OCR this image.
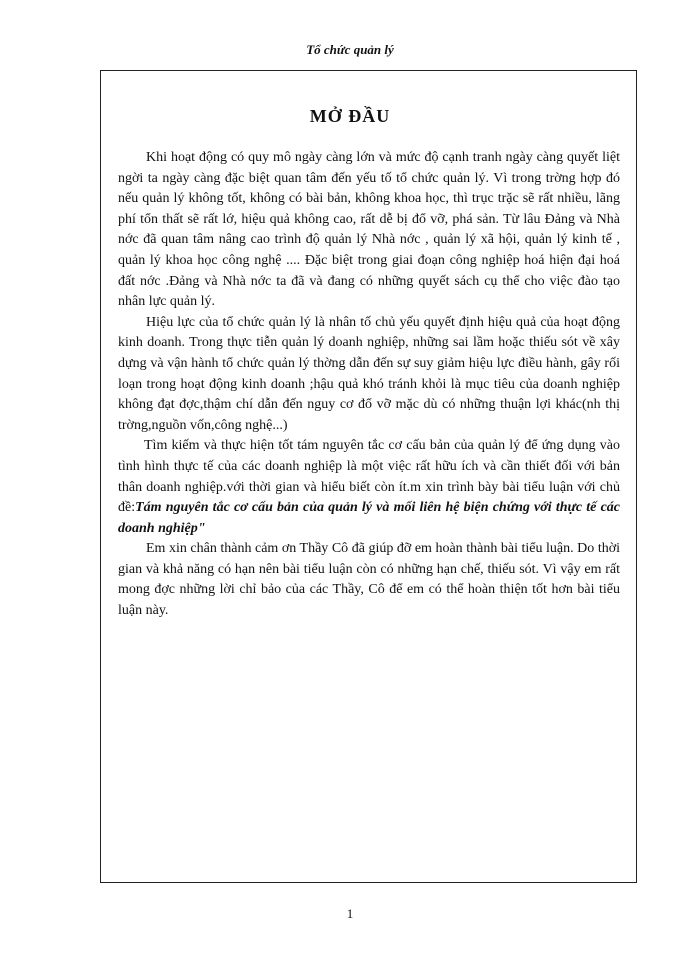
Tổ chức quản lý
MỞ ĐẦU

Khi hoạt động có quy mô ngày càng lớn và mức độ cạnh tranh ngày càng quyết liệt ngời ta ngày càng đặc biệt quan tâm đến yếu tố tổ chức quản lý. Vì trong trờng hợp đó nếu quản lý không tốt, không có bài bản, không khoa học, thì trục trặc sẽ rất nhiều, lãng phí tổn thất sẽ rất lớ, hiệu quả không cao, rất dễ bị đổ vỡ, phá sản. Từ lâu Đảng và Nhà nớc đã quan tâm nâng cao trình độ quản lý Nhà nớc , quản lý xã hội, quản lý kinh tế , quản lý khoa học công nghệ .... Đặc biệt trong giai đoạn công nghiệp hoá hiện đại hoá đất nớc .Đảng và Nhà nớc ta đã và đang có những quyết sách cụ thể cho việc đào tạo nhân lực quản lý.

Hiệu lực của tổ chức quản lý là nhân tố chủ yếu quyết định hiệu quả của hoạt động kinh doanh. Trong thực tiễn quản lý doanh nghiệp, những sai lầm hoặc thiếu sót về xây dựng và vận hành tổ chức quản lý thờng dẫn đến sự suy giảm hiệu lực điều hành, gây rối loạn trong hoạt động kinh doanh ;hậu quả khó tránh khỏi là mục tiêu của doanh nghiệp không đạt đợc,thậm chí dẫn đến nguy cơ đổ vỡ mặc dù có những thuận lợi khác(nh thị trờng,nguồn vốn,công nghệ...)

Tìm kiếm và thực hiện tốt tám nguyên tắc cơ cấu bản của quản lý để ứng dụng vào tình hình thực tế của các doanh nghiệp là một việc rất hữu ích và cần thiết đối với bản thân doanh nghiệp.với thời gian và hiểu biết còn ít.m xin trình bày bài tiểu luận với chủ đề:Tám nguyên tắc cơ cấu bản của quản lý và mối liên hệ biện chứng với thực tế các doanh nghiệp"

Em xin chân thành cảm ơn Thầy Cô đã giúp đỡ em hoàn thành bài tiểu luận. Do thời gian và khả năng có hạn nên bài tiểu luận còn có những hạn chế, thiếu sót. Vì vậy em rất mong đợc những lời chỉ bảo của các Thầy, Cô để em có thể hoàn thiện tốt hơn bài tiểu luận này.

1
